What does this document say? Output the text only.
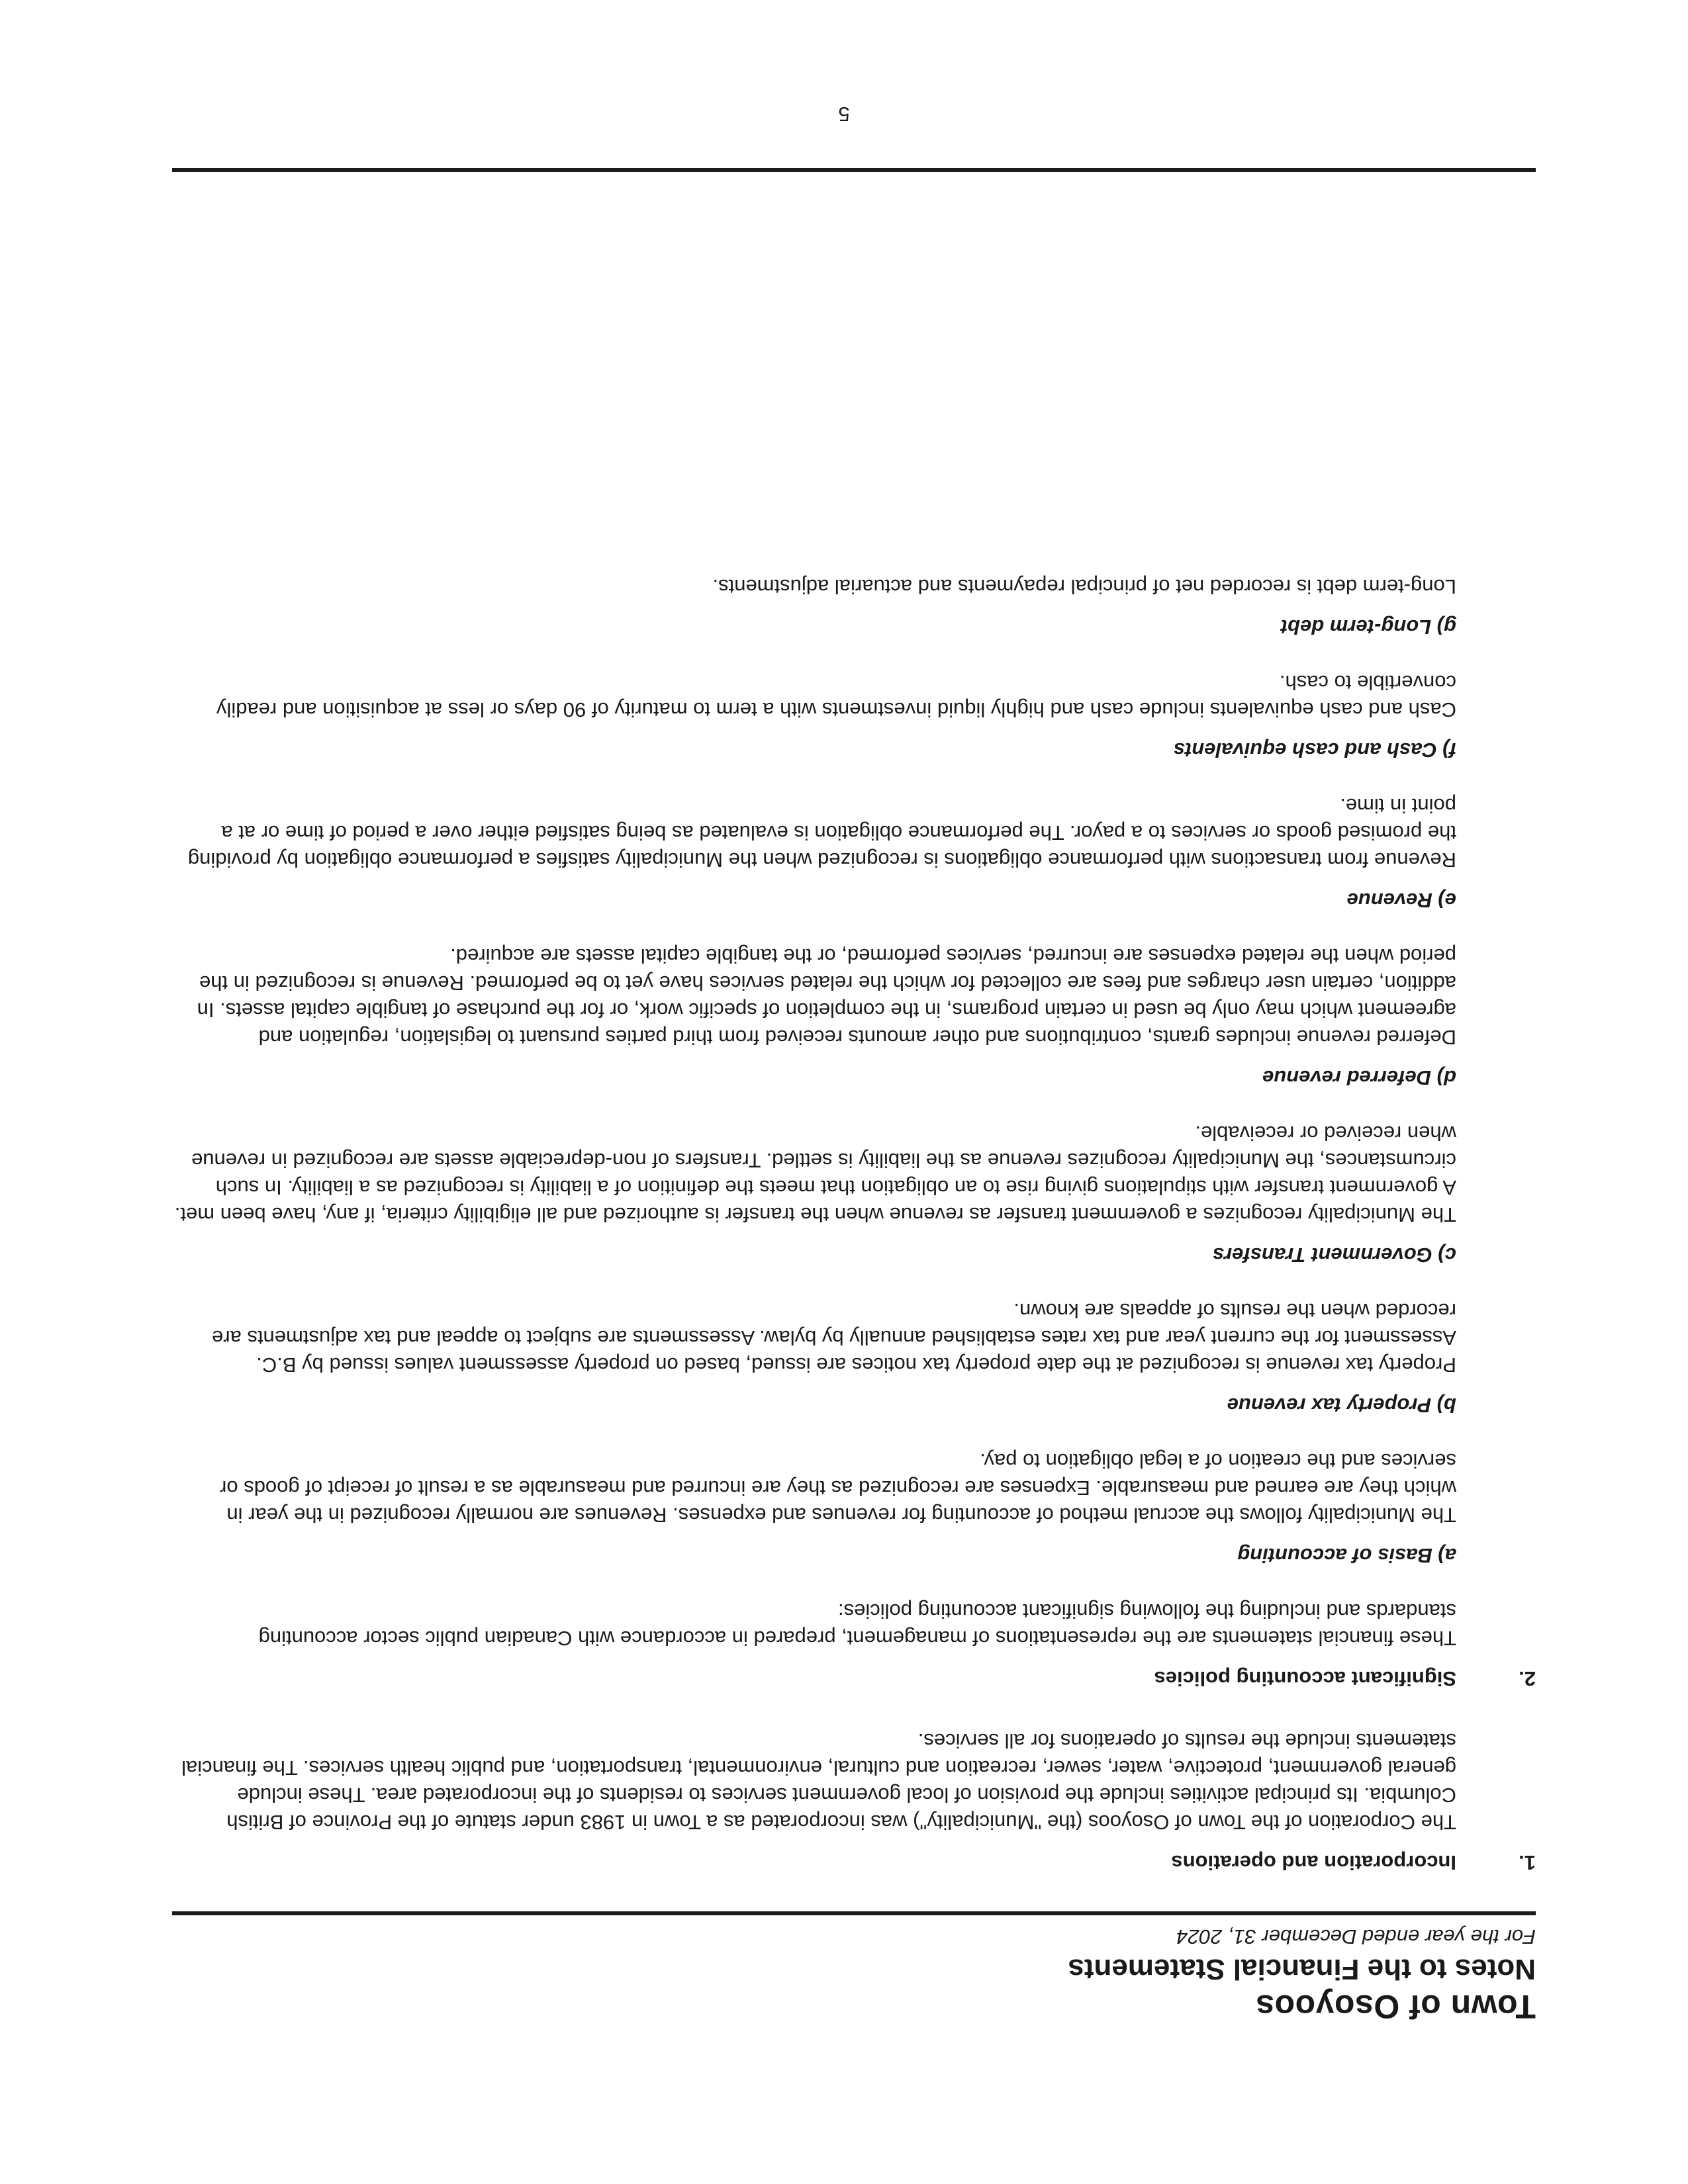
Town of Osoyoos
Notes to the Financial Statements

For the year ended December 31, 2024

1.

Incorporation and operations

The Corporation of the Town of Osoyoos (the "Municipality") was incorporated as a Town in 1983 under statute of the Province of British Columbia. Its principal activities include the provision of local government services to residents of the incorporated area. These include general government, protective, water, sewer, recreation and cultural, environmental, transportation, and public health services. The financial statements include the results of operations for all services.

2.

Significant accounting policies

These financial statements are the representations of management, prepared in accordance with Canadian public sector accounting standards and including the following significant accounting policies:

a) Basis of accounting

The Municipality follows the accrual method of accounting for revenues and expenses. Revenues are normally recognized in the year in which they are earned and measurable. Expenses are recognized as they are incurred and measurable as a result of receipt of goods or services and the creation of a legal obligation to pay.

b) Property tax revenue

Property tax revenue is recognized at the date property tax notices are issued, based on property assessment values issued by B.C. Assessment for the current year and tax rates established annually by bylaw. Assessments are subject to appeal and tax adjustments are recorded when the results of appeals are known.

c) Government Transfers

The Municipality recognizes a government transfer as revenue when the transfer is authorized and all eligibility criteria, if any, have been met. A government transfer with stipulations giving rise to an obligation that meets the definition of a liability is recognized as a liability. In such circumstances, the Municipality recognizes revenue as the liability is settled. Transfers of non-depreciable assets are recognized in revenue when received or receivable.

d) Deferred revenue

Deferred revenue includes grants, contributions and other amounts received from third parties pursuant to legislation, regulation and agreement which may only be used in certain programs, in the completion of specific work, or for the purchase of tangible capital assets. In addition, certain user charges and fees are collected for which the related services have yet to be performed. Revenue is recognized in the period when the related expenses are incurred, services performed, or the tangible capital assets are acquired.

e) Revenue

Revenue from transactions with performance obligations is recognized when the Municipality satisfies a performance obligation by providing the promised goods or services to a payor. The performance obligation is evaluated as being satisfied either over a period of time or at a point in time.

f) Cash and cash equivalents

Cash and cash equivalents include cash and highly liquid investments with a term to maturity of 90 days or less at acquisition and readily convertible to cash.

g) Long-term debt

Long-term debt is recorded net of principal repayments and actuarial adjustments.

5
